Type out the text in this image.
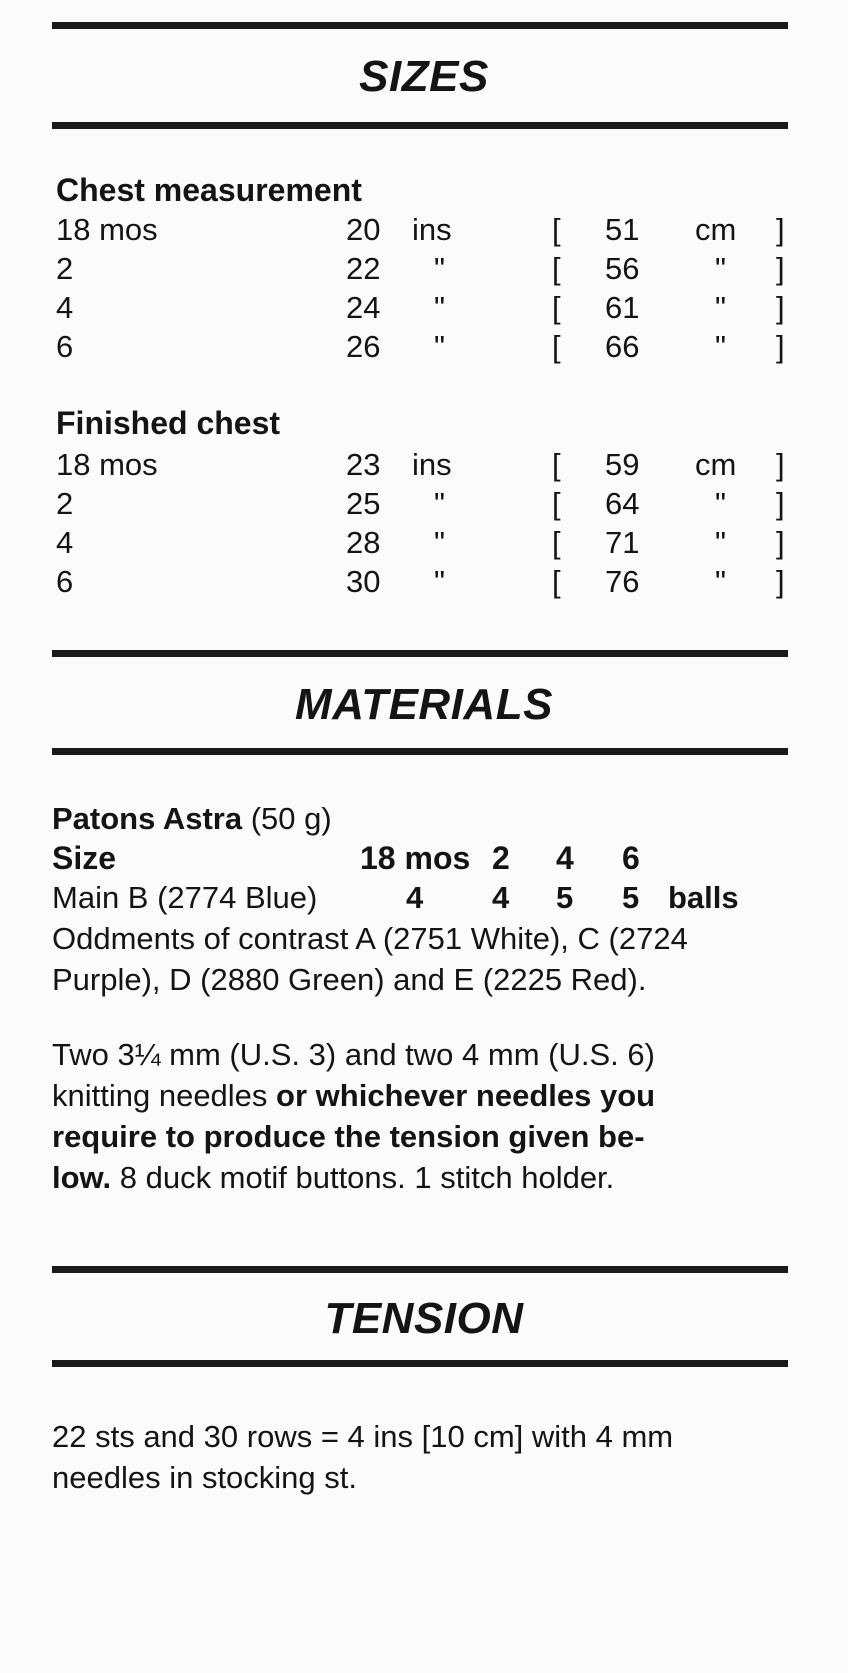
SIZES
Chest measurement
18 mos	20 ins	[ 51 cm ]
2	22 "	[ 56 " ]
4	24 "	[ 61 " ]
6	26 "	[ 66 " ]
Finished chest
18 mos	23 ins	[ 59 cm ]
2	25 "	[ 64 " ]
4	28 "	[ 71 " ]
6	30 "	[ 76 " ]
MATERIALS
Patons Astra (50 g)
Size	18 mos 2 4 6
Main B (2774 Blue)	4 4 5 5 balls
Oddments of contrast A (2751 White), C (2724
Purple), D (2880 Green) and E (2225 Red).
Two 3¼ mm (U.S. 3) and two 4 mm (U.S. 6)
knitting needles or whichever needles you
require to produce the tension given be-
low. 8 duck motif buttons. 1 stitch holder.
TENSION
22 sts and 30 rows = 4 ins [10 cm] with 4 mm
needles in stocking st.
